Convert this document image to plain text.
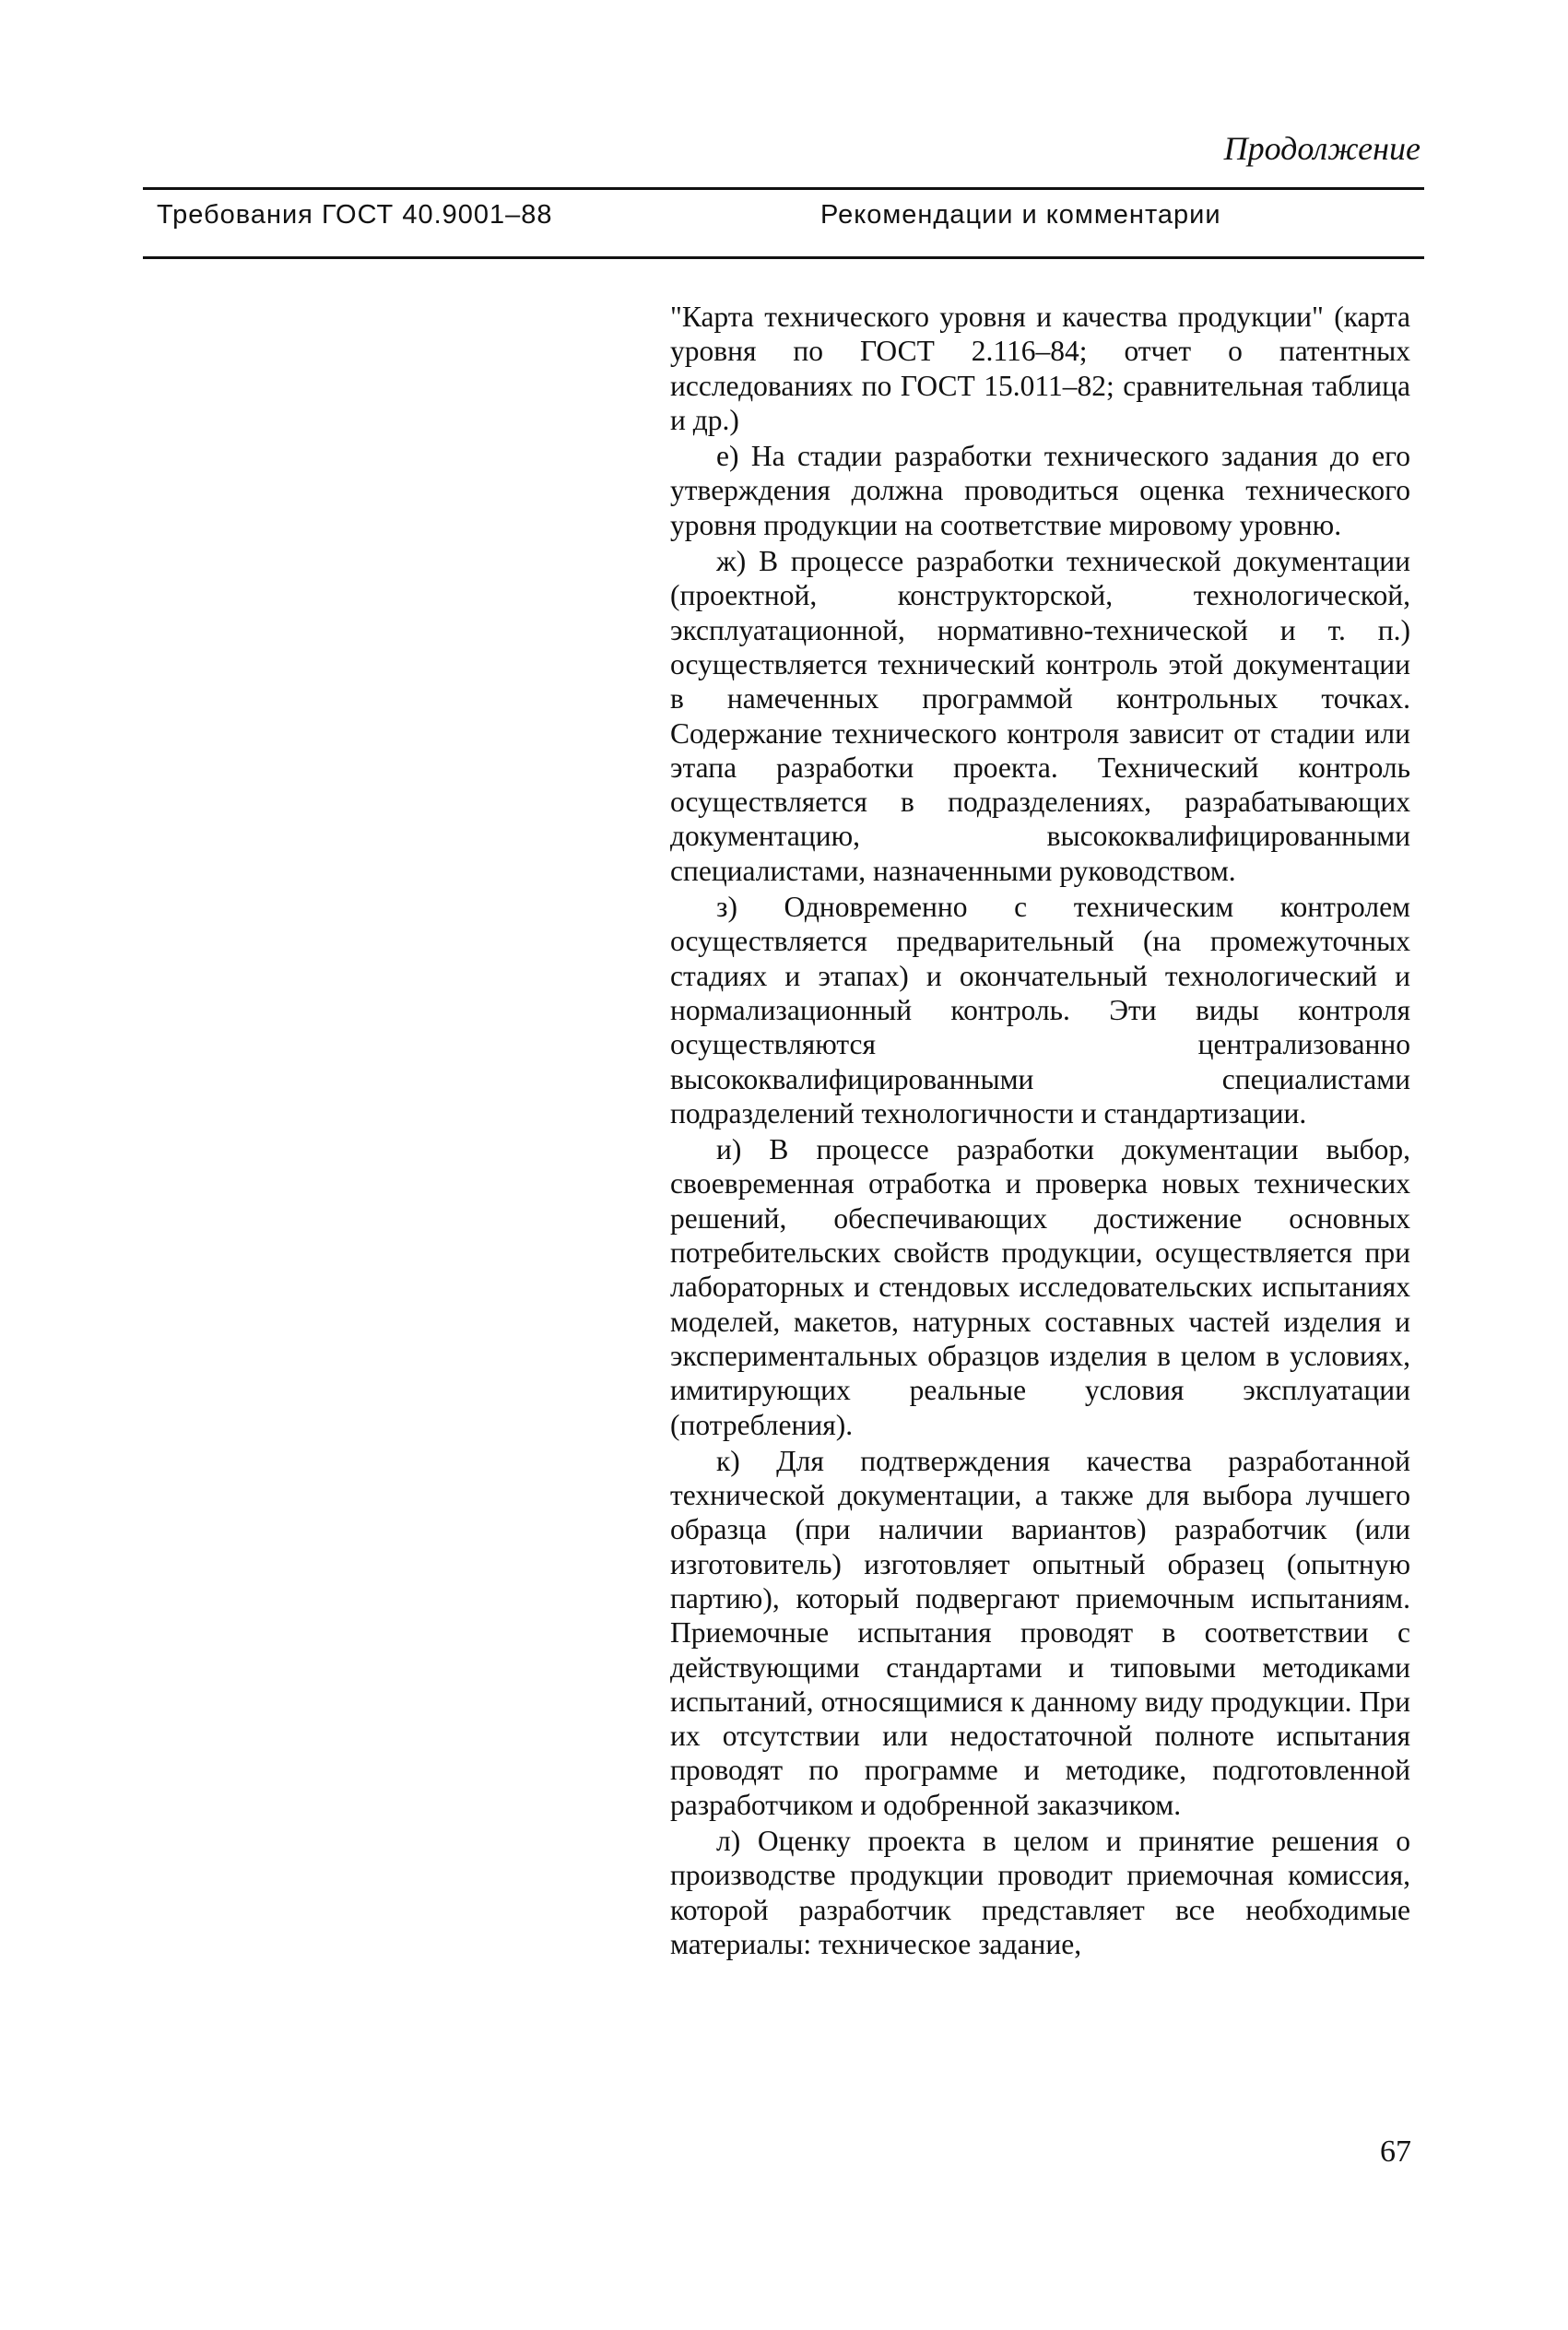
Продолжение
Требования ГОСТ 40.9001–88	Рекомендации и комментарии

"Карта технического уровня и качества продукции" (карта уровня по ГОСТ 2.116–84; отчет о патентных исследованиях по ГОСТ 15.011–82; сравнительная таблица и др.)

е) На стадии разработки технического задания до его утверждения должна проводиться оценка технического уровня продукции на соответствие мировому уровню.

ж) В процессе разработки технической документации (проектной, конструкторской, технологической, эксплуатационной, нормативно-технической и т. п.) осуществляется технический контроль этой документации в намеченных программой контрольных точках. Содержание технического контроля зависит от стадии или этапа разработки проекта. Технический контроль осуществляется в подразделениях, разрабатывающих документацию, высококвалифицированными специалистами, назначенными руководством.

з) Одновременно с техническим контролем осуществляется предварительный (на промежуточных стадиях и этапах) и окончательный технологический и нормализационный контроль. Эти виды контроля осуществляются централизованно высококвалифицированными специалистами подразделений технологичности и стандартизации.

и) В процессе разработки документации выбор, своевременная отработка и проверка новых технических решений, обеспечивающих достижение основных потребительских свойств продукции, осуществляется при лабораторных и стендовых исследовательских испытаниях моделей, макетов, натурных составных частей изделия и экспериментальных образцов изделия в целом в условиях, имитирующих реальные условия эксплуатации (потребления).

к) Для подтверждения качества разработанной технической документации, а также для выбора лучшего образца (при наличии вариантов) разработчик (или изготовитель) изготовляет опытный образец (опытную партию), который подвергают приемочным испытаниям. Приемочные испытания проводят в соответствии с действующими стандартами и типовыми методиками испытаний, относящимися к данному виду продукции. При их отсутствии или недостаточной полноте испытания проводят по программе и методике, подготовленной разработчиком и одобренной заказчиком.

л) Оценку проекта в целом и принятие решения о производстве продукции проводит приемочная комиссия, которой разработчик представляет все необходимые материалы: техническое задание,

67
